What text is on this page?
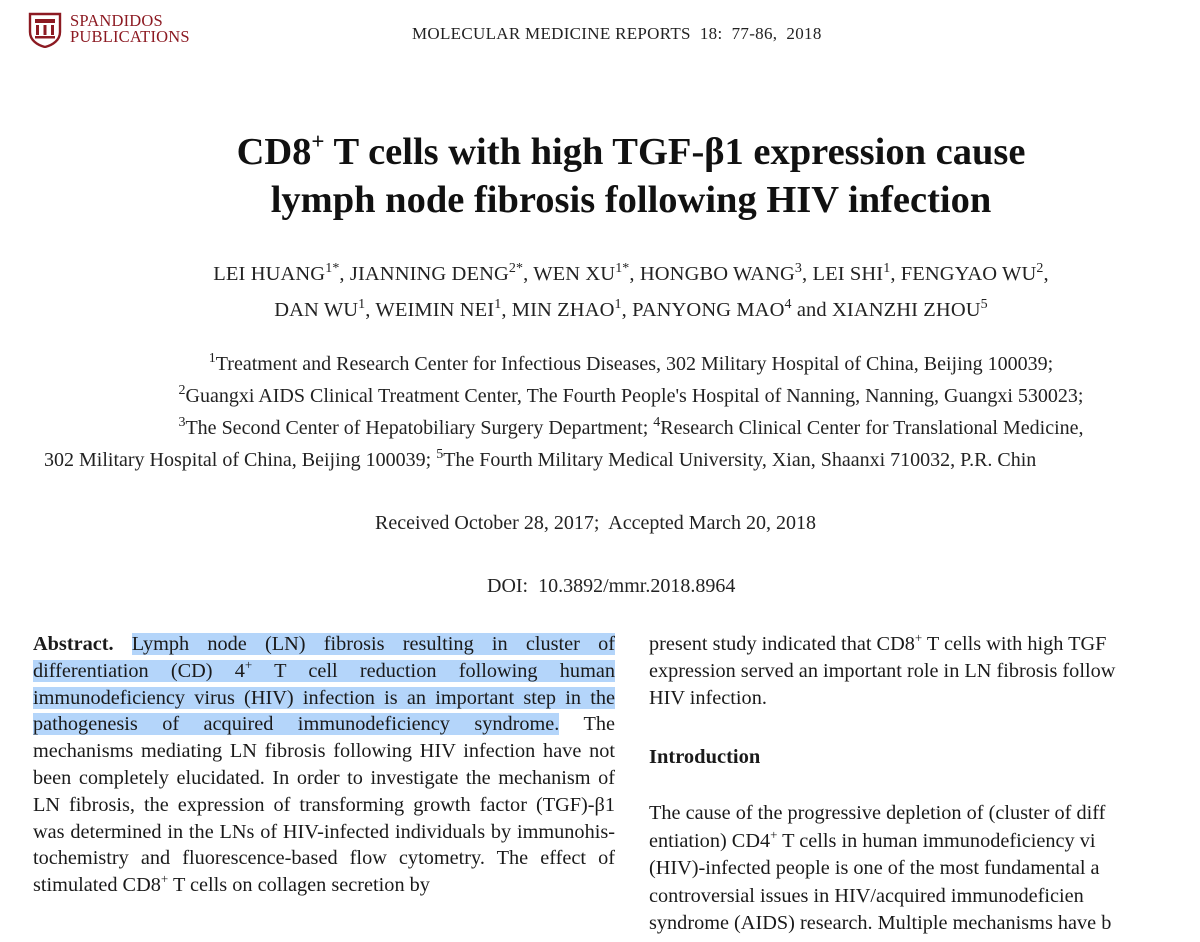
SPANDIDOS
PUBLICATIONS	MOLECULAR MEDICINE REPORTS  18:  77-86,  2018
CD8+ T cells with high TGF-β1 expression cause
lymph node fibrosis following HIV infection
LEI $HUANG^{1*}$, JIANNING $DENG^{2*}$, WEN $XU^{1*}$, HONGBO WANG$^3$, LEI SHI$^1$, FENGYAO $WU^2$,
DAN $WU^1$, WEIMIN NEI$^1$, MIN ZHAO$^1$, PANYONG MAO$^4$ and XIANZHI ZHOU$^5$
$^1$Treatment and Research Center for Infectious Diseases, 302 Military Hospital of China, Beijing 100039;
$^2$Guangxi AIDS Clinical Treatment Center, The Fourth People's Hospital of Nanning, Nanning, Guangxi 530023;
$^3$The Second Center of Hepatobiliary Surgery Department; $^4$Research Clinical Center for Translational Medicine,
302 Military Hospital of China, Beijing 100039; $^5$The Fourth Military Medical University, Xian, Shaanxi 710032, P.R. Chin
Received October 28, 2017;  Accepted March 20, 2018
DOI:  10.3892/mmr.2018.8964
Abstract. Lymph node (LN) fibrosis resulting in cluster of differentiation (CD) 4+ T cell reduction following human immunodeficiency virus (HIV) infection is an important step in the pathogenesis of acquired immunodeficiency syndrome. The mechanisms mediating LN fibrosis following HIV infection have not been completely elucidated. In order to investigate the mechanism of LN fibrosis, the expression of transforming growth factor (TGF)-β1 was determined in the LNs of HIV-infected individuals by immunohis-tochemistry and fluorescence-based flow cytometry. The effect of stimulated CD8+ T cells on collagen secretion by
present study indicated that CD8+ T cells with high TGF
expression served an important role in LN fibrosis follow
HIV infection.
Introduction
The cause of the progressive depletion of (cluster of diff
entiation) CD4+ T cells in human immunodeficiency vi
(HIV)-infected people is one of the most fundamental a
controversial issues in HIV/acquired immunodeficien
syndrome (AIDS) research. Multiple mechanisms have b
